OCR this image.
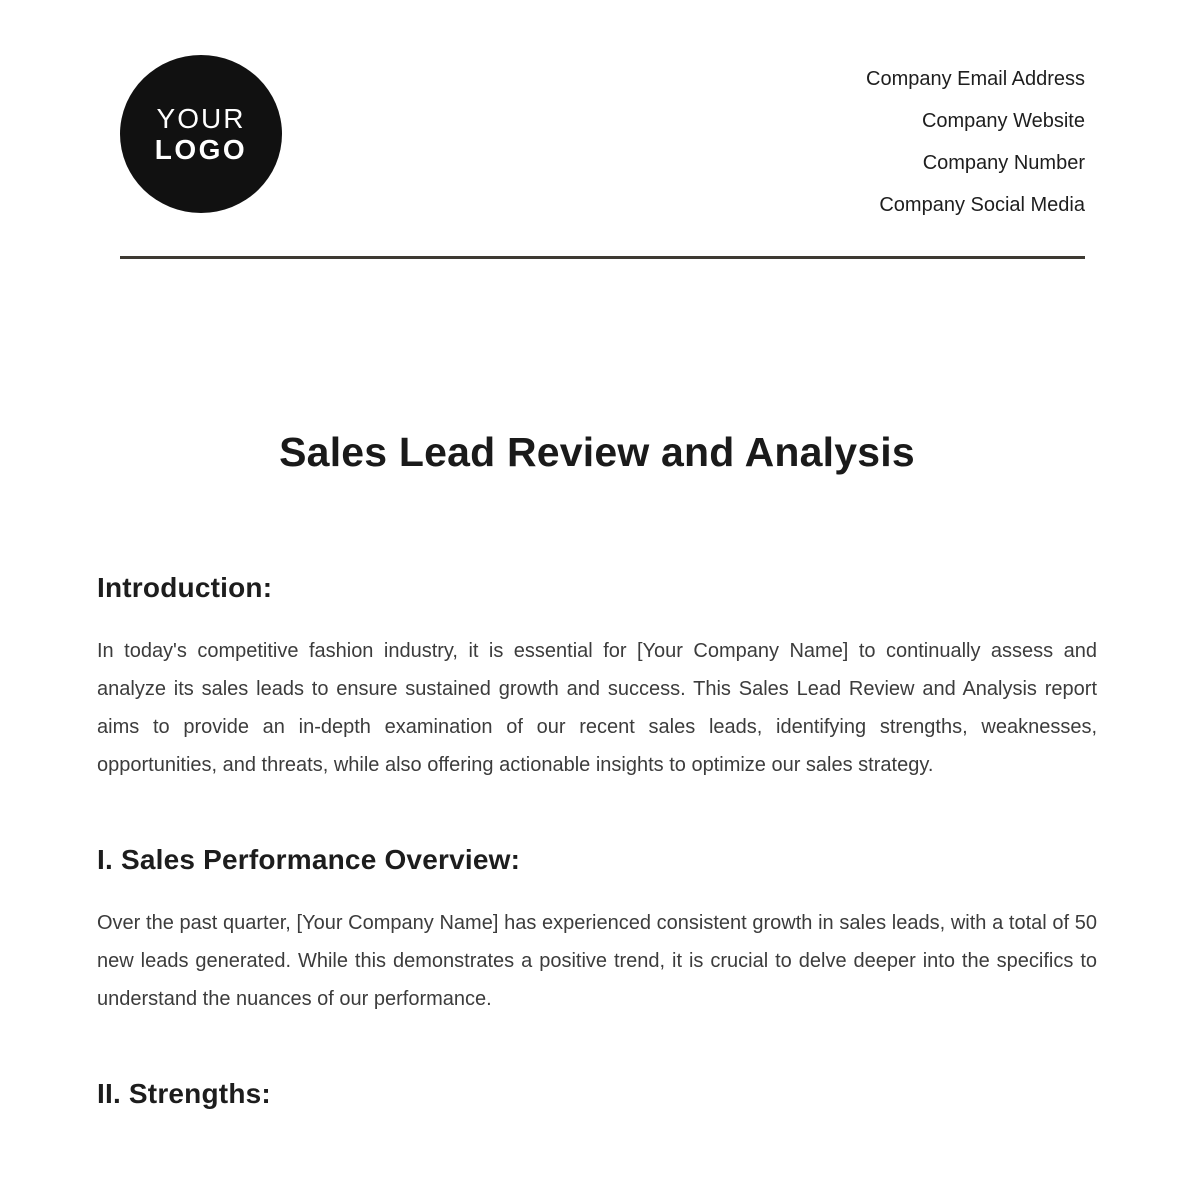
YOUR
LOGO
Company Email Address
Company Website
Company Number
Company Social Media
Sales Lead Review and Analysis
Introduction:

In today's competitive fashion industry, it is essential for [Your Company Name] to continually assess and analyze its sales leads to ensure sustained growth and success. This Sales Lead Review and Analysis report aims to provide an in-depth examination of our recent sales leads, identifying strengths, weaknesses, opportunities, and threats, while also offering actionable insights to optimize our sales strategy.

I. Sales Performance Overview:

Over the past quarter, [Your Company Name] has experienced consistent growth in sales leads, with a total of 50 new leads generated. While this demonstrates a positive trend, it is crucial to delve deeper into the specifics to understand the nuances of our performance.

II. Strengths:
